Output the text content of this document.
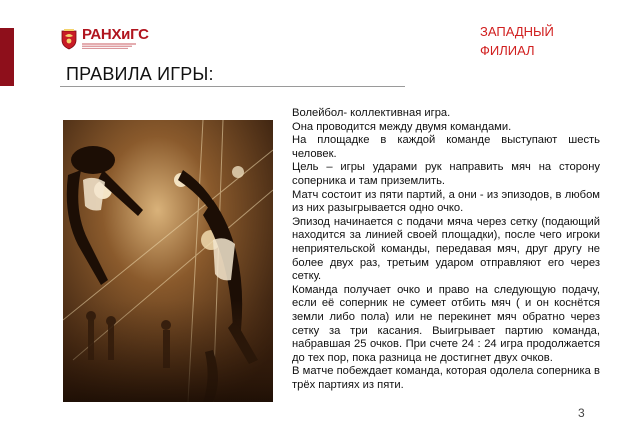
РАНХиГС	ЗАПАДНЫЙ ФИЛИАЛ
ПРАВИЛА ИГРЫ:

Волейбол- коллективная игра.

Она проводится между двумя командами.

На площадке в каждой команде выступают шесть человек.

Цель – игры ударами рук направить мяч на сторону соперника и там приземлить.

Матч состоит из пяти партий, а они - из эпизодов, в любом из них разыгрывается одно очко.

Эпизод начинается с подачи мяча через сетку (подающий находится за линией своей площадки), после чего игроки неприятельской команды, передавая мяч, друг другу не более двух раз, третьим ударом отправляют его через сетку.

Команда получает очко и право на следующую подачу, если её соперник не сумеет отбить мяч ( и он коснётся земли либо пола) или не перекинет мяч обратно через сетку за три касания. Выигрывает партию команда, набравшая 25 очков. При счете 24 : 24 игра продолжается до тех пор, пока разница не достигнет двух очков.

В матче побеждает команда, которая одолела соперника в трёх партиях из пяти.

3
